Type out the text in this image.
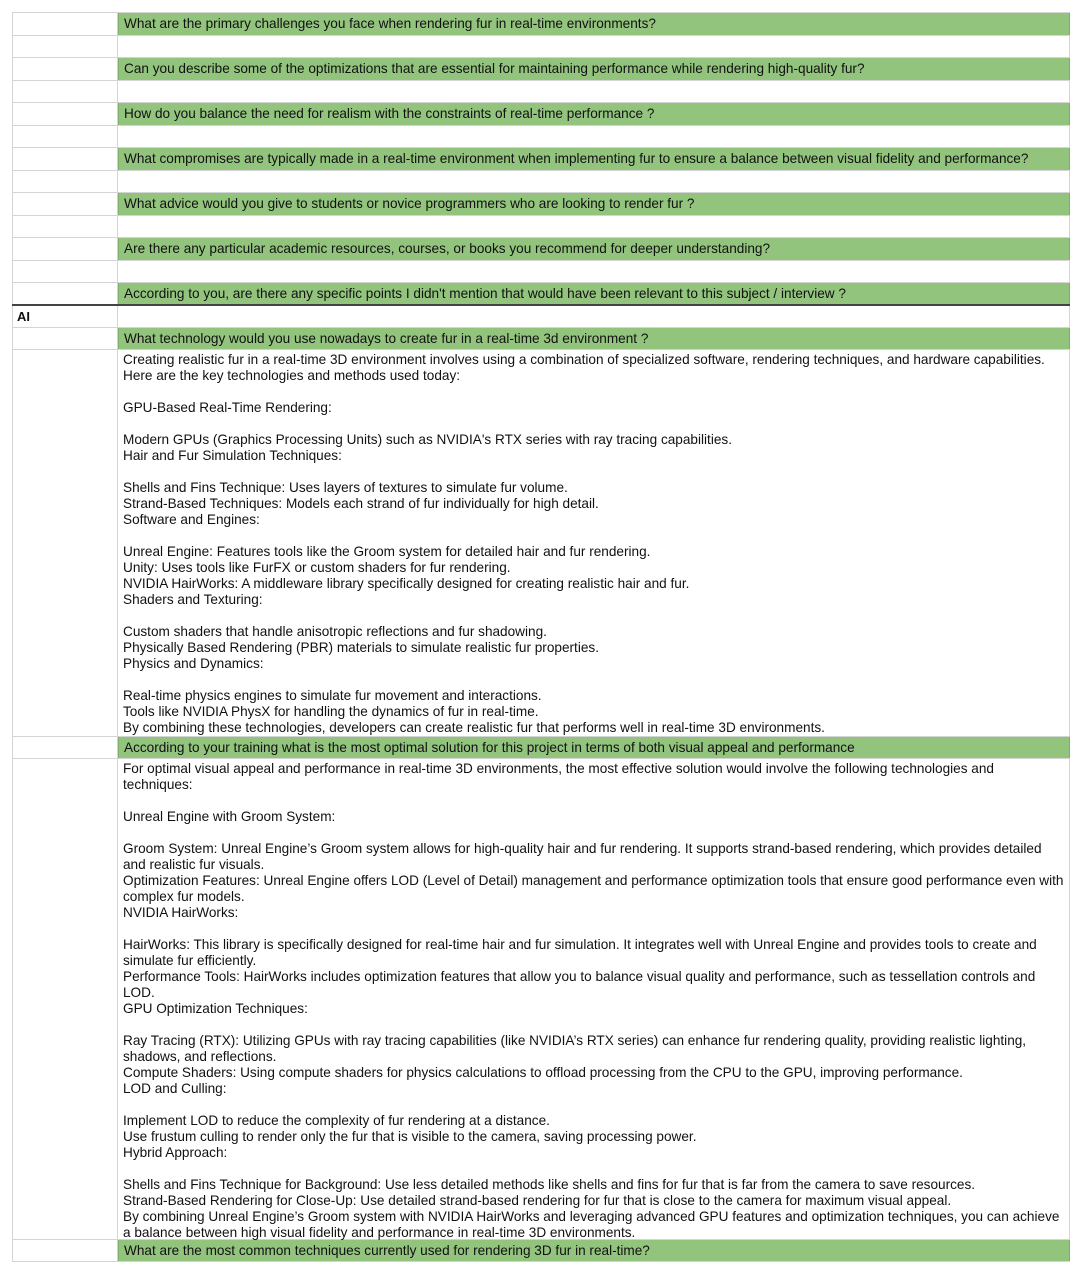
What are the primary challenges you face when rendering fur in real-time environments?
Can you describe some of the optimizations that are essential for maintaining performance while rendering high-quality fur?
How do you balance the need for realism with the constraints of real-time performance ?
What compromises are typically made in a real-time environment when implementing fur to ensure a balance between visual fidelity and performance?
What advice would you give to students or novice programmers who are looking to render fur ?
Are there any particular academic resources, courses, or books you recommend for deeper understanding?
According to you, are there any specific points I didn't mention that would have been relevant to this subject / interview ?
AI
What technology would you use nowadays to create fur in a real-time 3d environment ?
Creating realistic fur in a real-time 3D environment involves using a combination of specialized software, rendering techniques, and hardware capabilities. Here are the key technologies and methods used today:

GPU-Based Real-Time Rendering:

Modern GPUs (Graphics Processing Units) such as NVIDIA's RTX series with ray tracing capabilities.
Hair and Fur Simulation Techniques:

Shells and Fins Technique: Uses layers of textures to simulate fur volume.
Strand-Based Techniques: Models each strand of fur individually for high detail.
Software and Engines:

Unreal Engine: Features tools like the Groom system for detailed hair and fur rendering.
Unity: Uses tools like FurFX or custom shaders for fur rendering.
NVIDIA HairWorks: A middleware library specifically designed for creating realistic hair and fur.
Shaders and Texturing:

Custom shaders that handle anisotropic reflections and fur shadowing.
Physically Based Rendering (PBR) materials to simulate realistic fur properties.
Physics and Dynamics:

Real-time physics engines to simulate fur movement and interactions.
Tools like NVIDIA PhysX for handling the dynamics of fur in real-time.
By combining these technologies, developers can create realistic fur that performs well in real-time 3D environments.
According to your training what is the most optimal solution for this project in terms of both visual appeal and performance
For optimal visual appeal and performance in real-time 3D environments, the most effective solution would involve the following technologies and techniques:

Unreal Engine with Groom System:

Groom System: Unreal Engine’s Groom system allows for high-quality hair and fur rendering. It supports strand-based rendering, which provides detailed and realistic fur visuals.
Optimization Features: Unreal Engine offers LOD (Level of Detail) management and performance optimization tools that ensure good performance even with complex fur models.
NVIDIA HairWorks:

HairWorks: This library is specifically designed for real-time hair and fur simulation. It integrates well with Unreal Engine and provides tools to create and simulate fur efficiently.
Performance Tools: HairWorks includes optimization features that allow you to balance visual quality and performance, such as tessellation controls and LOD.
GPU Optimization Techniques:

Ray Tracing (RTX): Utilizing GPUs with ray tracing capabilities (like NVIDIA’s RTX series) can enhance fur rendering quality, providing realistic lighting, shadows, and reflections.
Compute Shaders: Using compute shaders for physics calculations to offload processing from the CPU to the GPU, improving performance.
LOD and Culling:

Implement LOD to reduce the complexity of fur rendering at a distance.
Use frustum culling to render only the fur that is visible to the camera, saving processing power.
Hybrid Approach:

Shells and Fins Technique for Background: Use less detailed methods like shells and fins for fur that is far from the camera to save resources.
Strand-Based Rendering for Close-Up: Use detailed strand-based rendering for fur that is close to the camera for maximum visual appeal.
By combining Unreal Engine’s Groom system with NVIDIA HairWorks and leveraging advanced GPU features and optimization techniques, you can achieve a balance between high visual fidelity and performance in real-time 3D environments.
What are the most common techniques currently used for rendering 3D fur in real-time?
